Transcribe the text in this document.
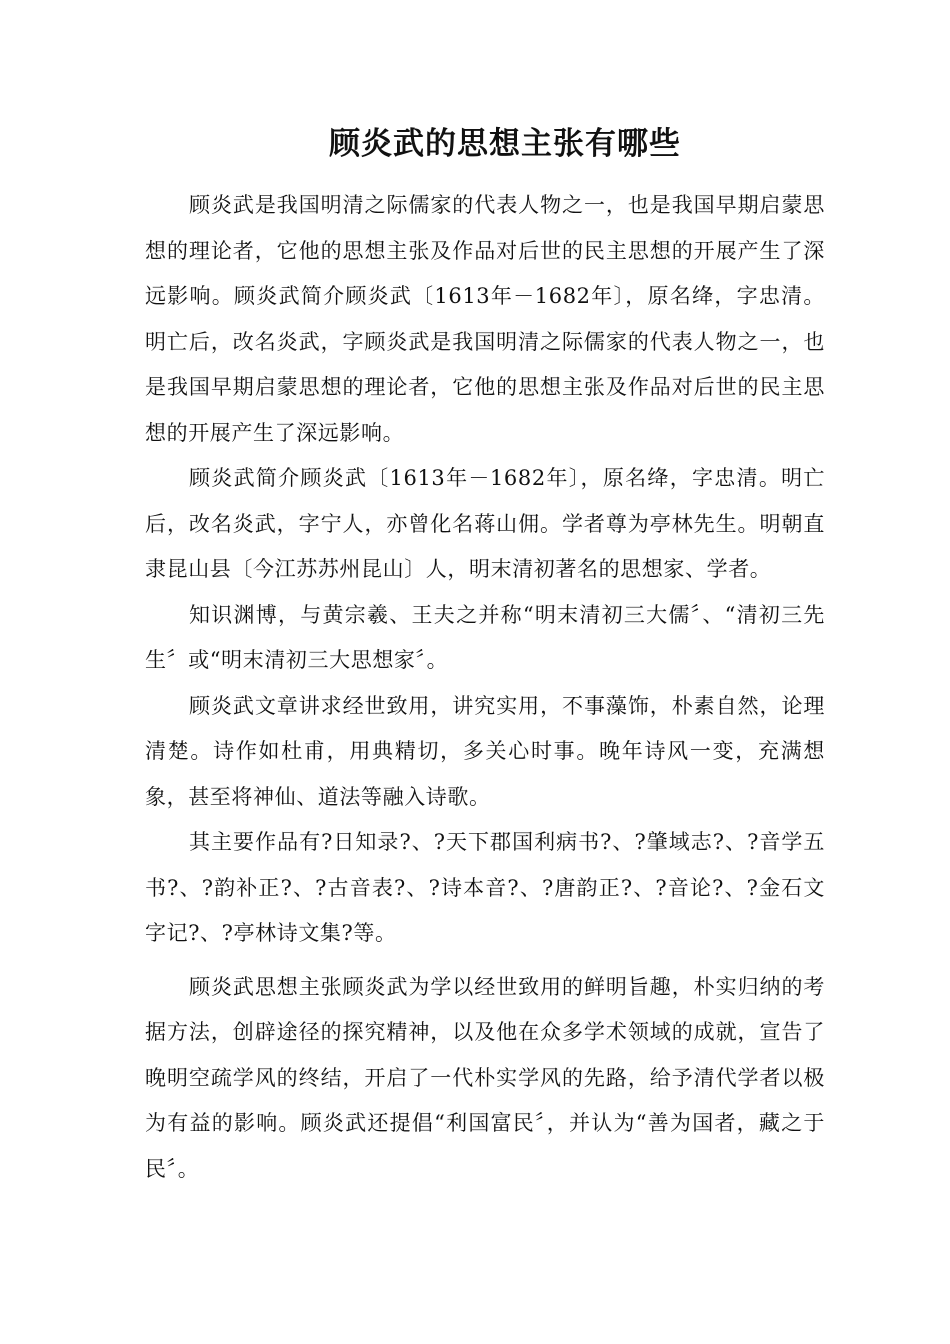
顾炎武的思想主张有哪些

顾炎武是我国明清之际儒家的代表人物之一，也是我国早期启蒙思想的理论者，它他的思想主张及作品对后世的民主思想的开展产生了深远影响。顾炎武简介顾炎武〔1613年－1682年〕，原名绛，字忠清。明亡后，改名炎武，字顾炎武是我国明清之际儒家的代表人物之一，也是我国早期启蒙思想的理论者，它他的思想主张及作品对后世的民主思想的开展产生了深远影响。

顾炎武简介顾炎武〔1613年－1682年〕，原名绛，字忠清。明亡后，改名炎武，字宁人，亦曾化名蒋山佣。学者尊为亭林先生。明朝直隶昆山县〔今江苏苏州昆山〕人，明末清初著名的思想家、学者。

知识渊博，与黄宗羲、王夫之并称“明末清初三大儒〞、“清初三先生〞或“明末清初三大思想家〞。

顾炎武文章讲求经世致用，讲究实用，不事藻饰，朴素自然，论理清楚。诗作如杜甫，用典精切，多关心时事。晚年诗风一变，充满想象，甚至将神仙、道法等融入诗歌。

其主要作品有?日知录?、?天下郡国利病书?、?肇域志?、?音学五书?、?韵补正?、?古音表?、?诗本音?、?唐韵正?、?音论?、?金石文字记?、?亭林诗文集?等。

顾炎武思想主张顾炎武为学以经世致用的鲜明旨趣，朴实归纳的考据方法，创辟途径的探究精神，以及他在众多学术领域的成就，宣告了晚明空疏学风的终结，开启了一代朴实学风的先路，给予清代学者以极为有益的影响。顾炎武还提倡“利国富民〞，并认为“善为国者，藏之于民〞。
